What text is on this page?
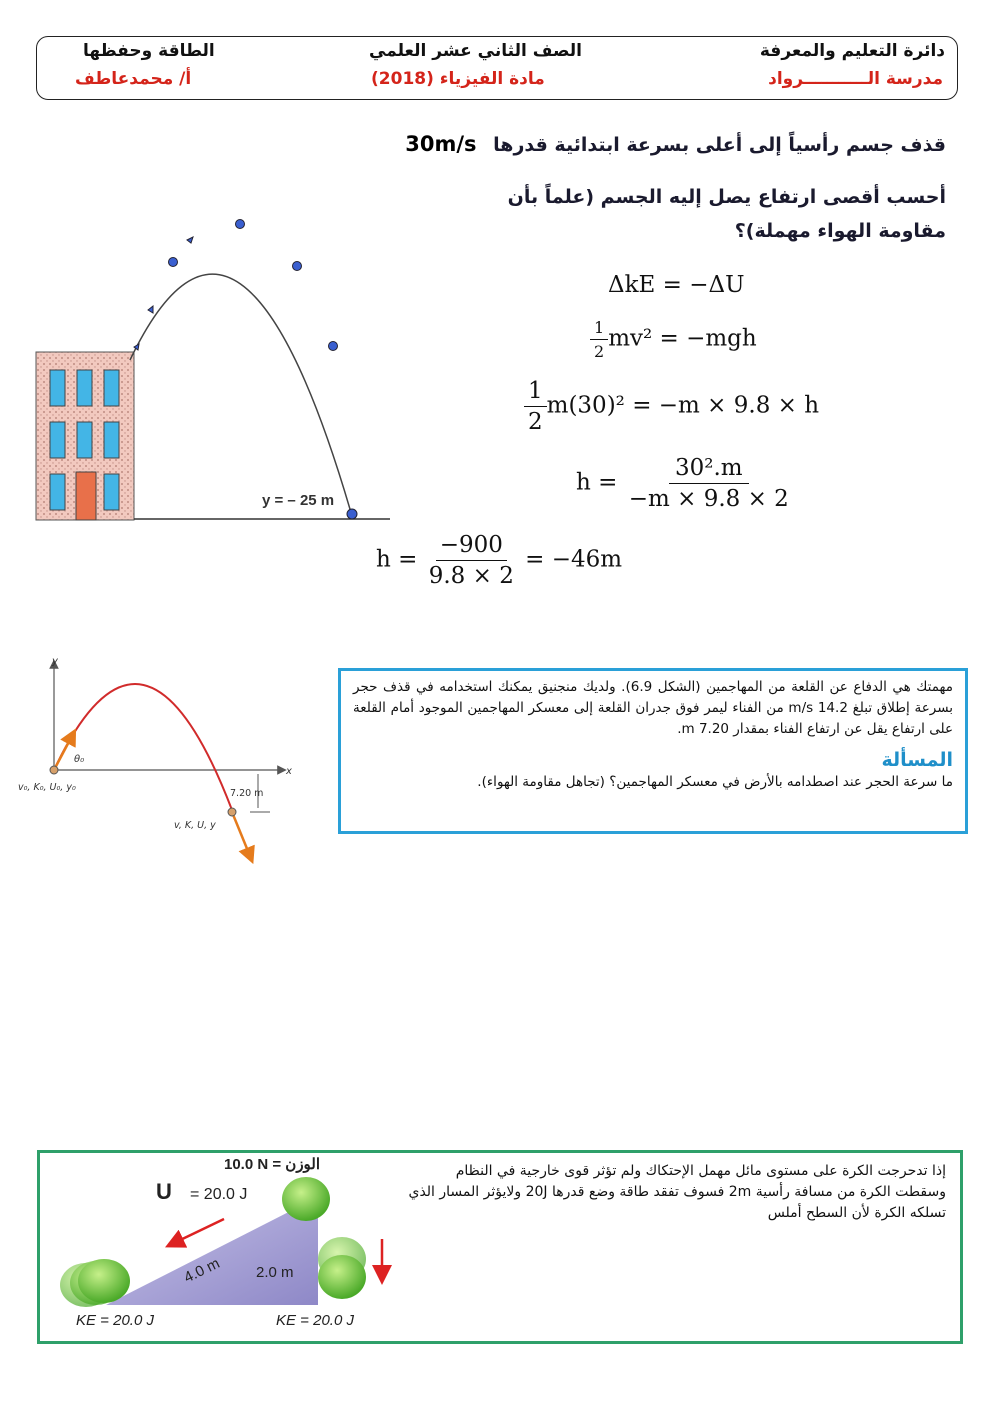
دائرة التعليم والمعرفة
مدرسة الـــــــــــرواد
الصف الثاني عشر العلمي
مادة الفيزياء (2018)
الطاقة وحفظها
أ/ محمدعاطف
قذف جسم رأسياً إلى أعلى بسرعة ابتدائية قدرها 30m/s
أحسب أقصى ارتفاع يصل إليه الجسم (علماً بأن مقاومة الهواء مهملة)؟
y = – 25 m
ΔkE = −ΔU
$\frac{1}{2} mv^2 = -mgh$
$\frac{1}{2} m(30)^2 = -m \times 9.8 \times h$
$h = \frac{\text{30².m}}{-m \times 9.8 \times 2}$
$h = \frac{-900}{9.8 \times 2} = -46m$
y
x
θ₀
v₀, K₀, U₀, y₀
v, K, U, y
7.20 m

مهمتك هي الدفاع عن القلعة من المهاجمين (الشكل 6.9). ولديك منجنيق يمكنك استخدامه في قذف حجر بسرعة إطلاق تبلغ 14.2 m/s من الفناء ليمر فوق جدران القلعة إلى معسكر المهاجمين الموجود أمام القلعة على ارتفاع يقل عن ارتفاع الفناء بمقدار 7.20 m.

المسألة

ما سرعة الحجر عند اصطدامه بالأرض في معسكر المهاجمين؟ (تجاهل مقاومة الهواء).

10.0 N = الوزن
U = 20.0 J
4.0 m 2.0 m
KE = 20.0 J	KE = 20.0 J

إذا تدحرجت الكرة على مستوى مائل مهمل الإحتكاك ولم تؤثر قوى خارجية في النظام وسقطت الكرة من مسافة رأسية 2m فسوف تفقد طاقة وضع قدرها 20J ولايؤثر المسار الذي تسلكه الكرة لأن السطح أملس
